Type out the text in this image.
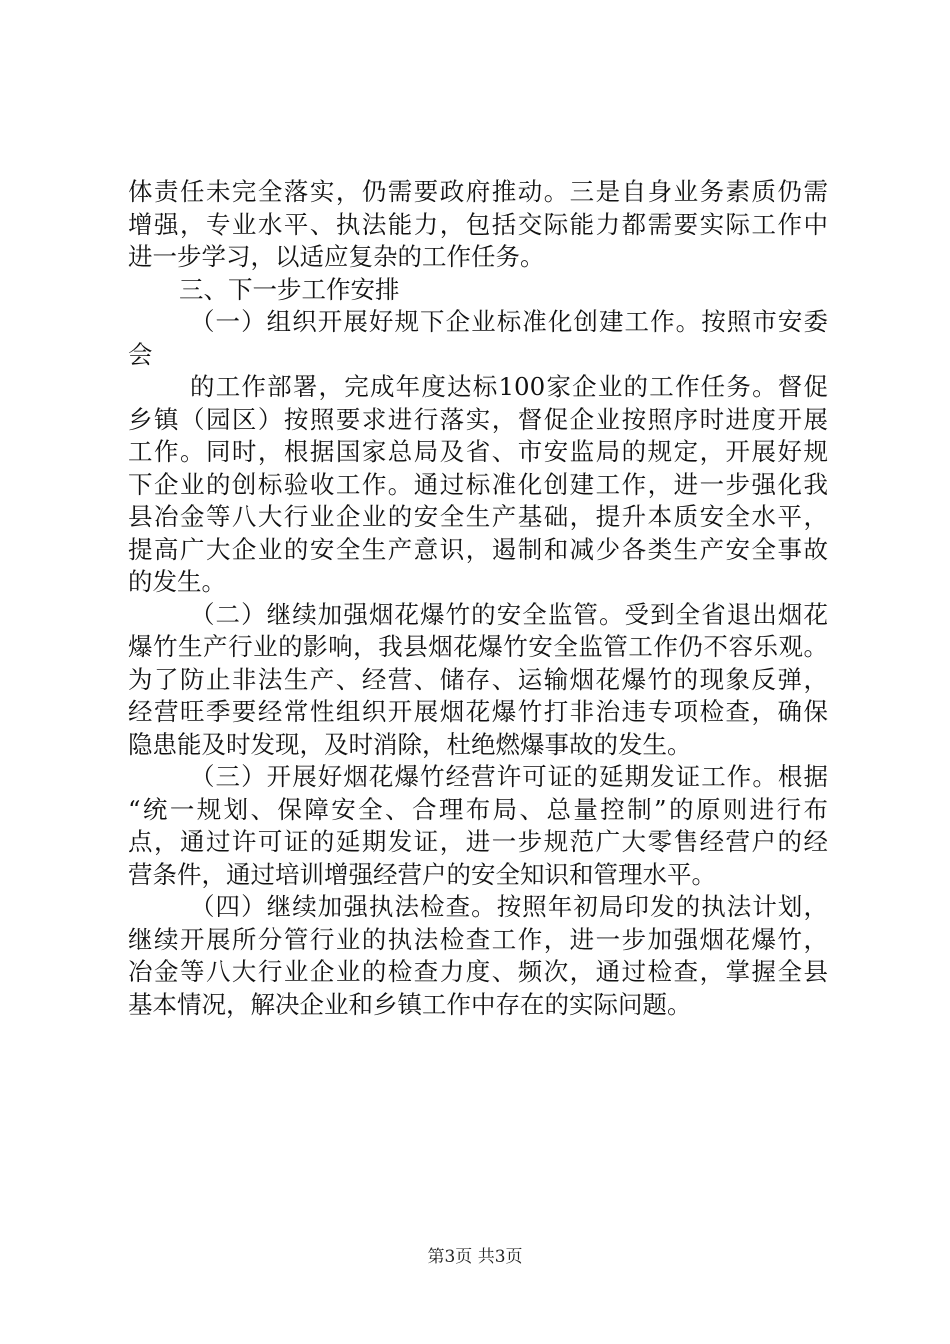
体责任未完全落实，仍需要政府推动。三是自身业务素质仍需
增强，专业水平、执法能力，包括交际能力都需要实际工作中
进一步学习，以适应复杂的工作任务。
三、下一步工作安排
（一）组织开展好规下企业标准化创建工作。按照市安委
会
的工作部署，完成年度达标100家企业的工作任务。督促
乡镇（园区）按照要求进行落实，督促企业按照序时进度开展
工作。同时，根据国家总局及省、市安监局的规定，开展好规
下企业的创标验收工作。通过标准化创建工作，进一步强化我
县冶金等八大行业企业的安全生产基础，提升本质安全水平，
提高广大企业的安全生产意识，遏制和减少各类生产安全事故
的发生。
（二）继续加强烟花爆竹的安全监管。受到全省退出烟花
爆竹生产行业的影响，我县烟花爆竹安全监管工作仍不容乐观。
为了防止非法生产、经营、储存、运输烟花爆竹的现象反弹，
经营旺季要经常性组织开展烟花爆竹打非治违专项检查，确保
隐患能及时发现，及时消除，杜绝燃爆事故的发生。
（三）开展好烟花爆竹经营许可证的延期发证工作。根据
“统一规划、保障安全、合理布局、总量控制”的原则进行布
点，通过许可证的延期发证，进一步规范广大零售经营户的经
营条件，通过培训增强经营户的安全知识和管理水平。
（四）继续加强执法检查。按照年初局印发的执法计划，
继续开展所分管行业的执法检查工作，进一步加强烟花爆竹，
冶金等八大行业企业的检查力度、频次，通过检查，掌握全县
基本情况，解决企业和乡镇工作中存在的实际问题。
第3页 共3页
